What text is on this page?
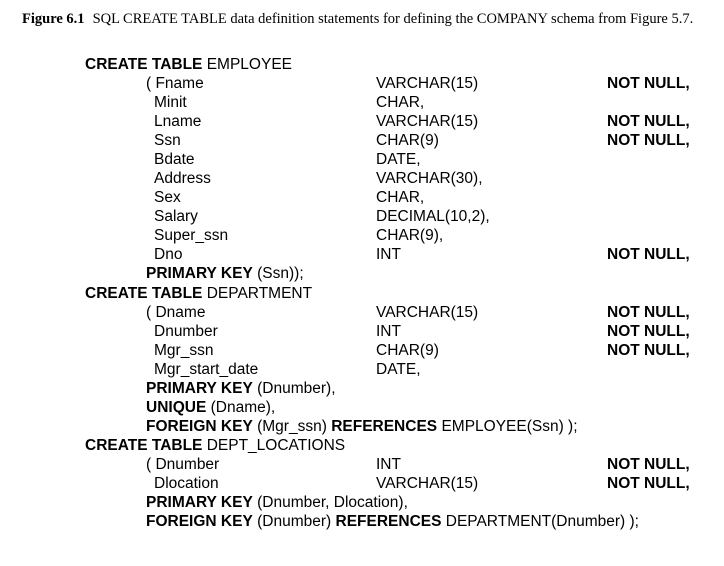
Figure 6.1 SQL CREATE TABLE data definition statements for defining the COMPANY schema from Figure 5.7.
CREATE TABLE EMPLOYEE
( Fname	VARCHAR(15)	NOT NULL,
Minit	CHAR,
Lname	VARCHAR(15)	NOT NULL,
Ssn	CHAR(9)	NOT NULL,
Bdate	DATE,
Address	VARCHAR(30),
Sex	CHAR,
Salary	DECIMAL(10,2),
Super_ssn	CHAR(9),
Dno	INT	NOT NULL,
PRIMARY KEY (Ssn));
CREATE TABLE DEPARTMENT
( Dname	VARCHAR(15)	NOT NULL,
Dnumber	INT	NOT NULL,
Mgr_ssn	CHAR(9)	NOT NULL,
Mgr_start_date	DATE,
PRIMARY KEY (Dnumber),
UNIQUE (Dname),
FOREIGN KEY (Mgr_ssn) REFERENCES EMPLOYEE(Ssn) );
CREATE TABLE DEPT_LOCATIONS
( Dnumber	INT	NOT NULL,
Dlocation	VARCHAR(15)	NOT NULL,
PRIMARY KEY (Dnumber, Dlocation),
FOREIGN KEY (Dnumber) REFERENCES DEPARTMENT(Dnumber) );
